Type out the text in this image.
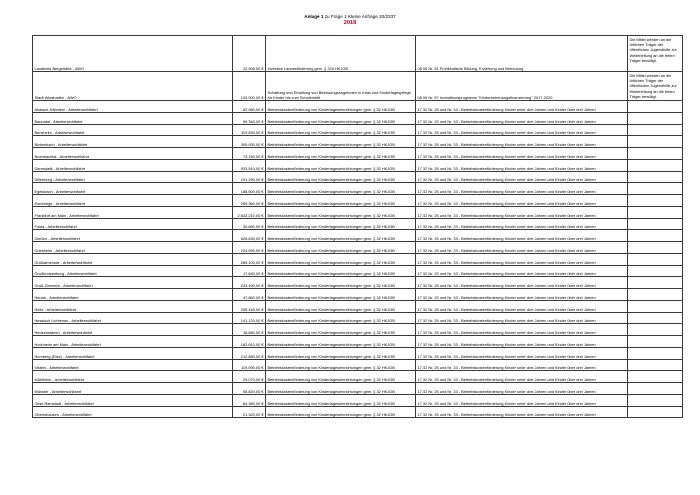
Anlage 1 zu Frage 1 Kleine Anfrage 20/2337
2018
Landkreis Bergstraße - AWO	12.908,00 €	Investive Landesförderung gem. § 32d HKJGB	08 06 Nr. 51 Frühkindliche Bildung, Erziehung und Betreuung	Die Mittel werden an die örtlichen Träger der öffentlichen Jugendhilfe zur Weiterleitung an die freien Träger bewilligt.
Stadt Wiesbaden - AWO	100.000,00 €	Schaffung und Erhaltung von Betreuungsangeboten in Kitas und Kindertagespflege für Kinder bis zum Schuleintritt	08 06 Nr. 57 Investitionsprogramm "Kinderbetreuungsfinanzierung" 2017-2020	Die Mittel werden an die örtlichen Träger der öffentlichen Jugendhilfe zur Weiterleitung an die freien Träger bewilligt.
Alsbach-Hähnlein - Arbeiterwohlfahrt	82.980,00 €	Betriebskostenförderung von Kindertageseinrichtungen gem. § 32 HKJGB	17 32 Nr. 25 und Nr. 33 - Betriebskostenförderung Kinder unter drei Jahren und Kinder über drei Jahren	
Baunatal - Arbeiterwohlfahrt	59.340,00 €	Betriebskostenförderung von Kindertageseinrichtungen gem. § 32 HKJGB	17 32 Nr. 25 und Nr. 33 - Betriebskostenförderung Kinder unter drei Jahren und Kinder über drei Jahren	
Bensheim - Arbeiterwohlfahrt	119.830,00 €	Betriebskostenförderung von Kindertageseinrichtungen gem. § 32 HKJGB	17 32 Nr. 25 und Nr. 33 - Betriebskostenförderung Kinder unter drei Jahren und Kinder über drei Jahren	
Bickenbach - Arbeiterwohlfahrt	309.930,00 €	Betriebskostenförderung von Kindertageseinrichtungen gem. § 32 HKJGB	17 32 Nr. 25 und Nr. 33 - Betriebskostenförderung Kinder unter drei Jahren und Kinder über drei Jahren	
Brombachtal - Arbeiterwohlfahrt	73.150,00 €	Betriebskostenförderung von Kindertageseinrichtungen gem. § 32 HKJGB	17 32 Nr. 25 und Nr. 33 - Betriebskostenförderung Kinder unter drei Jahren und Kinder über drei Jahren	
Darmstadt - Arbeiterwohlfahrt	933.510,00 €	Betriebskostenförderung von Kindertageseinrichtungen gem. § 32 HKJGB	17 32 Nr. 25 und Nr. 33 - Betriebskostenförderung Kinder unter drei Jahren und Kinder über drei Jahren	
Dillenburg - Arbeiterwohlfahrt	191.290,00 €	Betriebskostenförderung von Kindertageseinrichtungen gem. § 32 HKJGB	17 32 Nr. 25 und Nr. 33 - Betriebskostenförderung Kinder unter drei Jahren und Kinder über drei Jahren	
Egelsbach - Arbeiterwohlfahrt	188.500,00 €	Betriebskostenförderung von Kindertageseinrichtungen gem. § 32 HKJGB	17 32 Nr. 25 und Nr. 33 - Betriebskostenförderung Kinder unter drei Jahren und Kinder über drei Jahren	
Eschwege - Arbeiterwohlfahrt	259.360,00 €	Betriebskostenförderung von Kindertageseinrichtungen gem. § 32 HKJGB	17 32 Nr. 25 und Nr. 33 - Betriebskostenförderung Kinder unter drei Jahren und Kinder über drei Jahren	
Frankfurt am Main - Arbeiterwohlfahrt	2.632.210,00 €	Betriebskostenförderung von Kindertageseinrichtungen gem. § 32 HKJGB	17 32 Nr. 25 und Nr. 33 - Betriebskostenförderung Kinder unter drei Jahren und Kinder über drei Jahren	
Fulda - Arbeiterwohlfahrt	30.650,00 €	Betriebskostenförderung von Kindertageseinrichtungen gem. § 32 HKJGB	17 32 Nr. 25 und Nr. 33 - Betriebskostenförderung Kinder unter drei Jahren und Kinder über drei Jahren	
Gießen - Arbeiterwohlfahrt	826.630,00 €	Betriebskostenförderung von Kindertageseinrichtungen gem. § 32 HKJGB	17 32 Nr. 25 und Nr. 33 - Betriebskostenförderung Kinder unter drei Jahren und Kinder über drei Jahren	
Griesheim - Arbeiterwohlfahrt	224.930,00 €	Betriebskostenförderung von Kindertageseinrichtungen gem. § 32 HKJGB	17 32 Nr. 25 und Nr. 33 - Betriebskostenförderung Kinder unter drei Jahren und Kinder über drei Jahren	
Großalmerode - Arbeiterwohlfahrt	289.100,00 €	Betriebskostenförderung von Kindertageseinrichtungen gem. § 32 HKJGB	17 32 Nr. 25 und Nr. 33 - Betriebskostenförderung Kinder unter drei Jahren und Kinder über drei Jahren	
Großkrotzenburg - Arbeiterwohlfahrt	17.640,00 €	Betriebskostenförderung von Kindertageseinrichtungen gem. § 32 HKJGB	17 32 Nr. 25 und Nr. 33 - Betriebskostenförderung Kinder unter drei Jahren und Kinder über drei Jahren	
Groß-Zimmern - Arbeiterwohlfahrt	243.490,00 €	Betriebskostenförderung von Kindertageseinrichtungen gem. § 32 HKJGB	17 32 Nr. 25 und Nr. 33 - Betriebskostenförderung Kinder unter drei Jahren und Kinder über drei Jahren	
Hanau - Arbeiterwohlfahrt	47.860,00 €	Betriebskostenförderung von Kindertageseinrichtungen gem. § 32 HKJGB	17 32 Nr. 25 und Nr. 33 - Betriebskostenförderung Kinder unter drei Jahren und Kinder über drei Jahren	
Heitz - Arbeiterwohlfahrt	295.440,00 €	Betriebskostenförderung von Kindertageseinrichtungen gem. § 32 HKJGB	17 32 Nr. 25 und Nr. 33 - Betriebskostenförderung Kinder unter drei Jahren und Kinder über drei Jahren	
Hessisch Lichtenau - Arbeiterwohlfahrt	141.120,00 €	Betriebskostenförderung von Kindertageseinrichtungen gem. § 32 HKJGB	17 32 Nr. 25 und Nr. 33 - Betriebskostenförderung Kinder unter drei Jahren und Kinder über drei Jahren	
Heusenstamm - Arbeiterwohlfahrt	16.680,00 €	Betriebskostenförderung von Kindertageseinrichtungen gem. § 32 HKJGB	17 32 Nr. 25 und Nr. 33 - Betriebskostenförderung Kinder unter drei Jahren und Kinder über drei Jahren	
Hochheim am Main - Arbeiterwohlfahrt	182.610,00 €	Betriebskostenförderung von Kindertageseinrichtungen gem. § 32 HKJGB	17 32 Nr. 25 und Nr. 33 - Betriebskostenförderung Kinder unter drei Jahren und Kinder über drei Jahren	
Homberg (Efze) - Arbeiterwohlfahrt	212.880,00 €	Betriebskostenförderung von Kindertageseinrichtungen gem. § 32 HKJGB	17 32 Nr. 25 und Nr. 33 - Betriebskostenförderung Kinder unter drei Jahren und Kinder über drei Jahren	
Idstein - Arbeiterwohlfahrt	119.590,00 €	Betriebskostenförderung von Kindertageseinrichtungen gem. § 32 HKJGB	17 32 Nr. 25 und Nr. 33 - Betriebskostenförderung Kinder unter drei Jahren und Kinder über drei Jahren	
Mühlheim - Arbeiterwohlfahrt	25.070,00 €	Betriebskostenförderung von Kindertageseinrichtungen gem. § 32 HKJGB	17 32 Nr. 25 und Nr. 33 - Betriebskostenförderung Kinder unter drei Jahren und Kinder über drei Jahren	
Münster - Arbeiterwohlfahrt	55.820,00 €	Betriebskostenförderung von Kindertageseinrichtungen gem. § 32 HKJGB	17 32 Nr. 25 und Nr. 33 - Betriebskostenförderung Kinder unter drei Jahren und Kinder über drei Jahren	
Ober-Ramstadt - Arbeiterwohlfahrt	84.380,00 €	Betriebskostenförderung von Kindertageseinrichtungen gem. § 32 HKJGB	17 32 Nr. 25 und Nr. 33 - Betriebskostenförderung Kinder unter drei Jahren und Kinder über drei Jahren	
Obertshausen - Arbeiterwohlfahrt	21.320,00 €	Betriebskostenförderung von Kindertageseinrichtungen gem. § 32 HKJGB	17 32 Nr. 25 und Nr. 33 - Betriebskostenförderung Kinder unter drei Jahren und Kinder über drei Jahren	
